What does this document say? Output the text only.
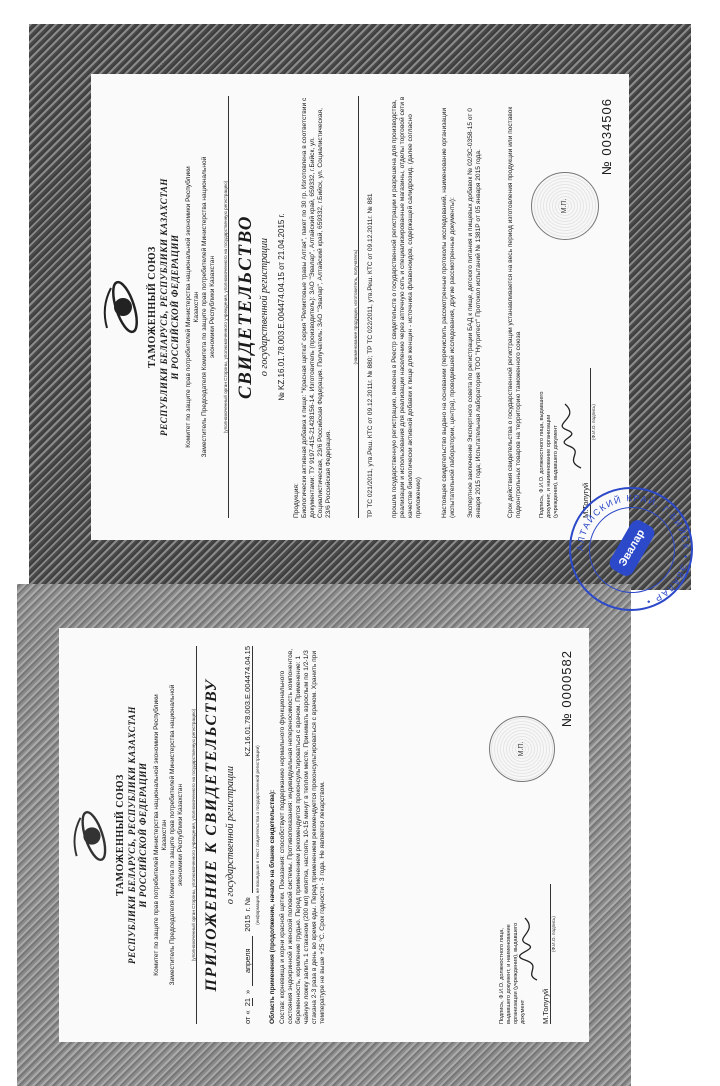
ТАМОЖЕННЫЙ СОЮЗ РЕСПУБЛИКИ БЕЛАРУСЬ, РЕСПУБЛИКИ КАЗАХСТАН И РОССИЙСКОЙ ФЕДЕРАЦИИ Комитет по защите прав потребителей Министерства национальной экономики Республики Казахстан Заместитель Председателя Комитета по защите прав потребителей Министерства национальной экономики Республики Казахстан (уполномоченный орган Стороны, уполномоченного учреждения, уполномоченного на государственную регистрацию) СВИДЕТЕЛЬСТВО о государственной регистрации № KZ.16.01.78.003.Е.004474.04.15 от 21.04.2015 г.
Продукция: Биологически активная добавка к пище: "Красная щетка" серия "Реликтовые травы Алтая", пакет по 30 гр. Изготовлена в соответствии с документами: ТУ 9197-415-21428156-14. Изготовитель (производитель): ЗАО "Эвалар", Алтайский край, 659332, г.Бийск, ул. Социалистическая, 23/6 Российская Федерация. Получатель: ЗАО "Эвалар", Алтайский край, 659332, г.Бийск, ул. Социалистическая, 23/6 Российская Федерация.
(наименование продукции, изготовитель, получатель) ТР ТС 021/2011, утв.Реш. КТС от 09.12.2011г. № 880; ТР ТС 022/2011, утв.Реш. КТС от 09.12.2011г. № 881	прошла государственную регистрацию, внесена в Реестр свидетельств о государственной регистрации и разрешена для производства, реализации и использования для реализации населению через аптечную сеть и специализированные магазины, отделы торговой сети в качестве биологически активной добавки к пище для женщин - источника флавоноидов, содержащей салидрозид. (далее согласно приложению)	Настоящее свидетельство выдано на основании (перечислить рассмотренные протоколы исследований, наименование организации (испытательной лаборатории, центра), проводившей исследования, другие рассмотренные документы): Экспертное заключение Экспертного совета по регистрации БАД к пище, детского питания и пищевых добавок № 02/3С-0358-15 от 0 января 2015 года; Испытательная лаборатория ТОО "Нутритест" Протокол испытаний № 1381Р от 05 января 2015 года.	Срок действия свидетельства о государственной регистрации устанавливается на весь период изготовления продукции или поставок подконтрольных товаров на территорию таможенного союза	Подпись, Ф.И.О. должностного лица, выдавшего документ, и наименование организации (учреждения), выдавшего документ	М.Толугуй
(Ф.И.О. подпись)
М.П.
№ 0034506
ТАМОЖЕННЫЙ СОЮЗ РЕСПУБЛИКИ БЕЛАРУСЬ, РЕСПУБЛИКИ КАЗАХСТАН И РОССИЙСКОЙ ФЕДЕРАЦИИ Комитет по защите прав потребителей Министерства национальной экономики Республики Казахстан Заместитель Председателя Комитета по защите прав потребителей Министерства национальной экономики Республики Казахстан (уполномоченный орган Стороны, уполномоченного учреждения, уполномоченного на государственную регистрацию) ПРИЛОЖЕНИЕ К СВИДЕТЕЛЬСТВУ о государственной регистрации
от «
21
»
апреля
2015
г. №
KZ.16.01.78.003.Е.004474.04.15
(информация, не вошедшая в текст свидетельства о государственной регистрации) Область применения (продолжение, начало на бланке свидетельства): Состав: корневища и корни красной щетки. Показания: способствует поддержанию нормального функционального состояния эндокринной и женской половой системы. Противопоказания: индивидуальная непереносимость компонентов, беременность, кормление грудью. Перед применением рекомендуется проконсультироваться с врачом. Применение: 1 чайную ложку залить 1 стаканом (200 мл) кипятка, настоять 10-15 минут в теплом месте. Принимать взрослым по 1/2-1/3 стакана 2-3 раза в день во время еды. Перед применением рекомендуется проконсультироваться с врачом. Хранить при температуре не выше +25 °С. Срок годности - 3 года. Не является лекарством.	Подпись, Ф.И.О. должностного лица, выдавшего документ, и наименование организации (учреждения), выдавшего документ М.Толугуй
(Ф.И.О. подпись)
М.П.
№ 0000582
АЛТАЙСКИЙ КРАЙ, Г.БИЙСК • ЭВАЛАР •
Эвалар
